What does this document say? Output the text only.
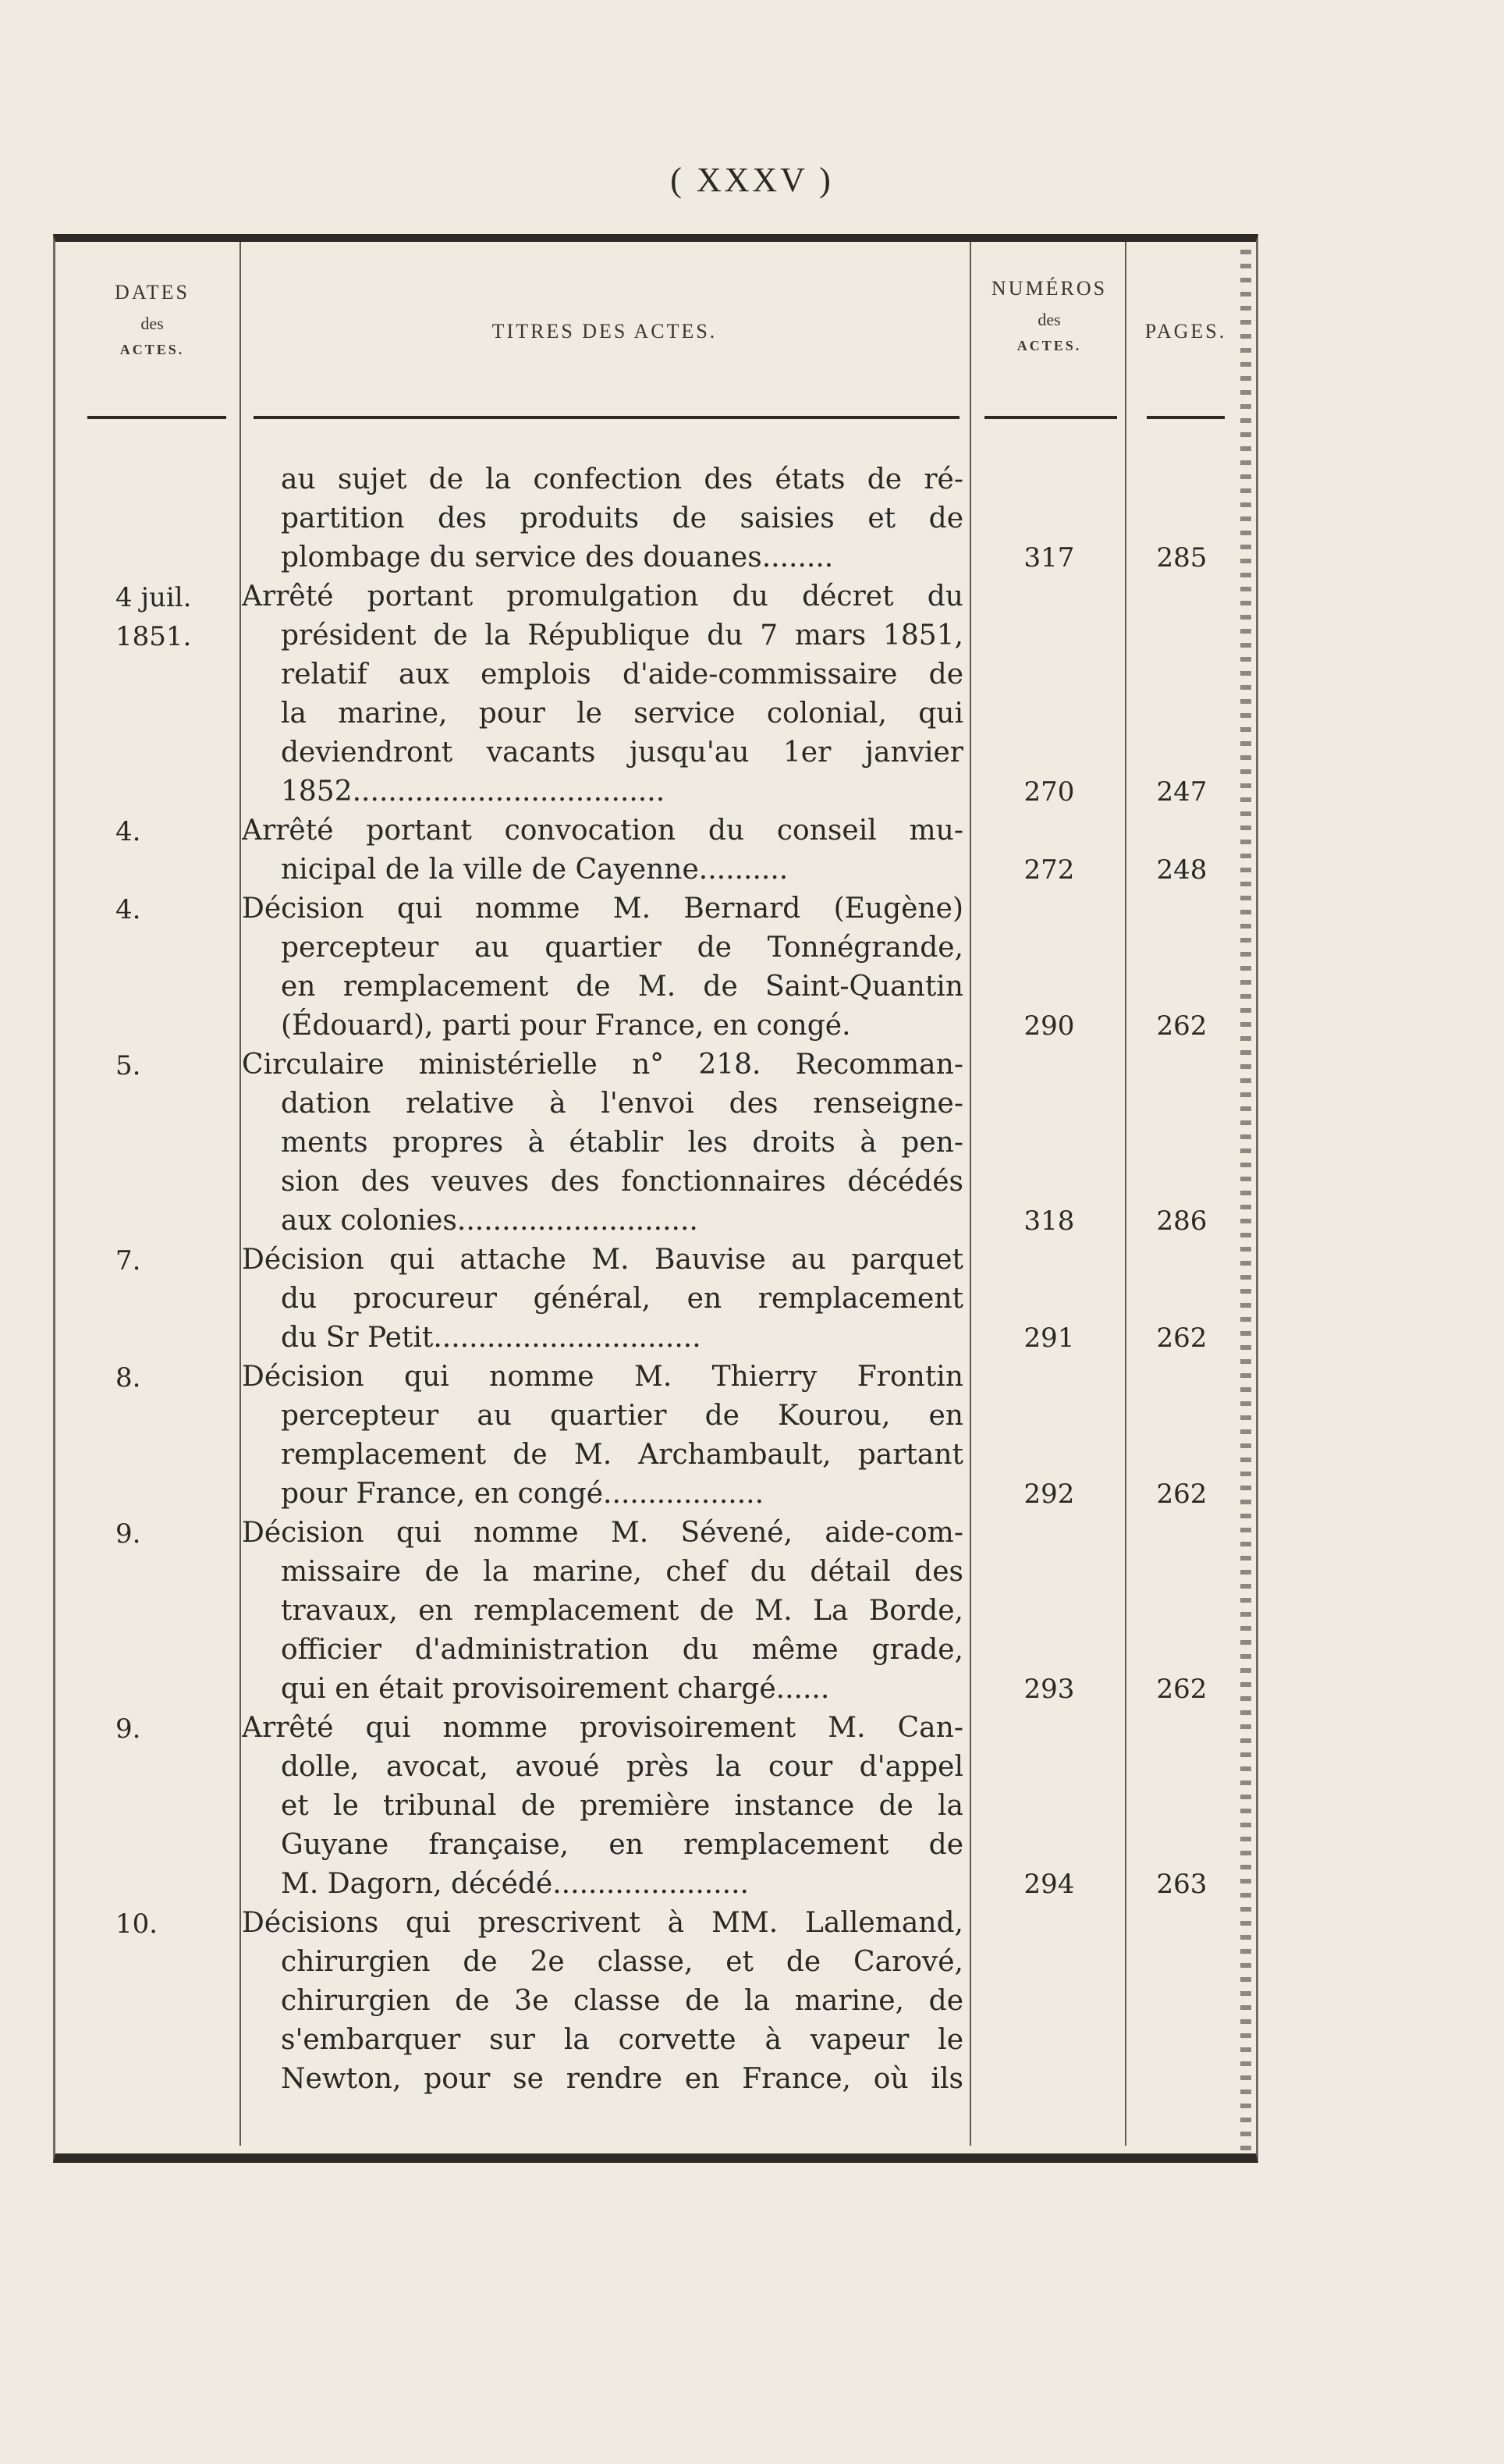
( XXXV )
DATES
des
ACTES.
TITRES DES ACTES.
NUMÉROS
des
ACTES.
PAGES.
4 juil.
1851.
4.
4.
5.
7.
8.
9.
9.
10.
au sujet de la confection des états de ré-
partition des produits de saisies et de
plombage du service des douanes........
Arrêté portant promulgation du décret du
président de la République du 7 mars 1851,
relatif aux emplois d'aide-commissaire de
la marine, pour le service colonial, qui
deviendront vacants jusqu'au 1er janvier
1852...................................
Arrêté portant convocation du conseil mu-
nicipal de la ville de Cayenne..........
Décision qui nomme M. Bernard (Eugène)
percepteur au quartier de Tonnégrande,
en remplacement de M. de Saint-Quantin
(Édouard), parti pour France, en congé.
Circulaire ministérielle n° 218. Recomman-
dation relative à l'envoi des renseigne-
ments propres à établir les droits à pen-
sion des veuves des fonctionnaires décédés
aux colonies...........................
Décision qui attache M. Bauvise au parquet
du procureur général, en remplacement
du Sr Petit..............................
Décision qui nomme M. Thierry Frontin
percepteur au quartier de Kourou, en
remplacement de M. Archambault, partant
pour France, en congé..................
Décision qui nomme M. Sévené, aide-com-
missaire de la marine, chef du détail des
travaux, en remplacement de M. La Borde,
officier d'administration du même grade,
qui en était provisoirement chargé......
Arrêté qui nomme provisoirement M. Can-
dolle, avocat, avoué près la cour d'appel
et le tribunal de première instance de la
Guyane française, en remplacement de
M. Dagorn, décédé......................
Décisions qui prescrivent à MM. Lallemand,
chirurgien de 2e classe, et de Carové,
chirurgien de 3e classe de la marine, de
s'embarquer sur la corvette à vapeur le
Newton, pour se rendre en France, où ils
317
270
272
290
318
291
292
293
294
285
247
248
262
286
262
262
262
263
